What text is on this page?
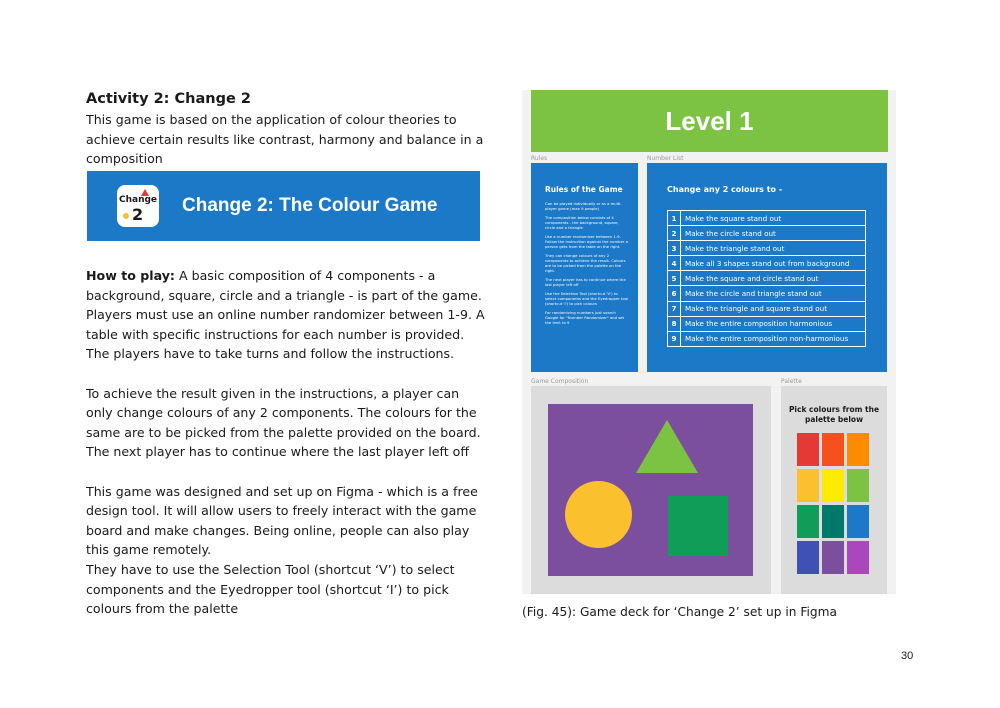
Activity 2: Change 2
This game is based on the application of colour theories to achieve certain results like contrast, harmony and balance in a composition
Change
2 Change 2: The Colour Game

How to play: A basic composition of 4 components - a background, square, circle and a triangle - is part of the game. Players must use an online number randomizer between 1-9. A table with specific instructions for each number is provided. The players have to take turns and follow the instructions.

To achieve the result given in the instructions, a player can only change colours of any 2 components. The colours for the same are to be picked from the palette provided on the board.
The next player has to continue where the last player left off

This game was designed and set up on Figma - which is a free design tool. It will allow users to freely interact with the game board and make changes. Being online, people can also play this game remotely.
They have to use the Selection Tool (shortcut ‘V’) to select components and the Eyedropper tool (shortcut ‘I’) to pick colours from the palette

Level 1
Rules	Number List
Rules of the Game
Can be played individually or as a multi-player game (max 9 people)
The composition below consists of 4 components - the background, square, circle and a triangle
Use a number randomizer between 1-9. Follow the instruction against the number a person gets from the table on the right.
They can change colours of any 2 components to achieve the result. Colours are to be picked from the palette on the right.
The next player has to continue where the last player left off
Use the Selection Tool (shortcut 'V') to select components and the Eyedropper tool (shortcut 'I') to pick colours
For randomizing numbers just search Google for "Number Randomizer" and set the limit to 9
Change any 2 colours to -
1	Make the square stand out
2	Make the circle stand out
3	Make the triangle stand out
4	Make all 3 shapes stand out from background
5	Make the square and circle stand out
6	Make the circle and triangle stand out
7	Make the triangle and square stand out
8	Make the entire composition harmonious
9	Make the entire composition non-harmonious
Game Composition	Palette
Pick colours from the palette below
(Fig. 45): Game deck for ‘Change 2’ set up in Figma
30
